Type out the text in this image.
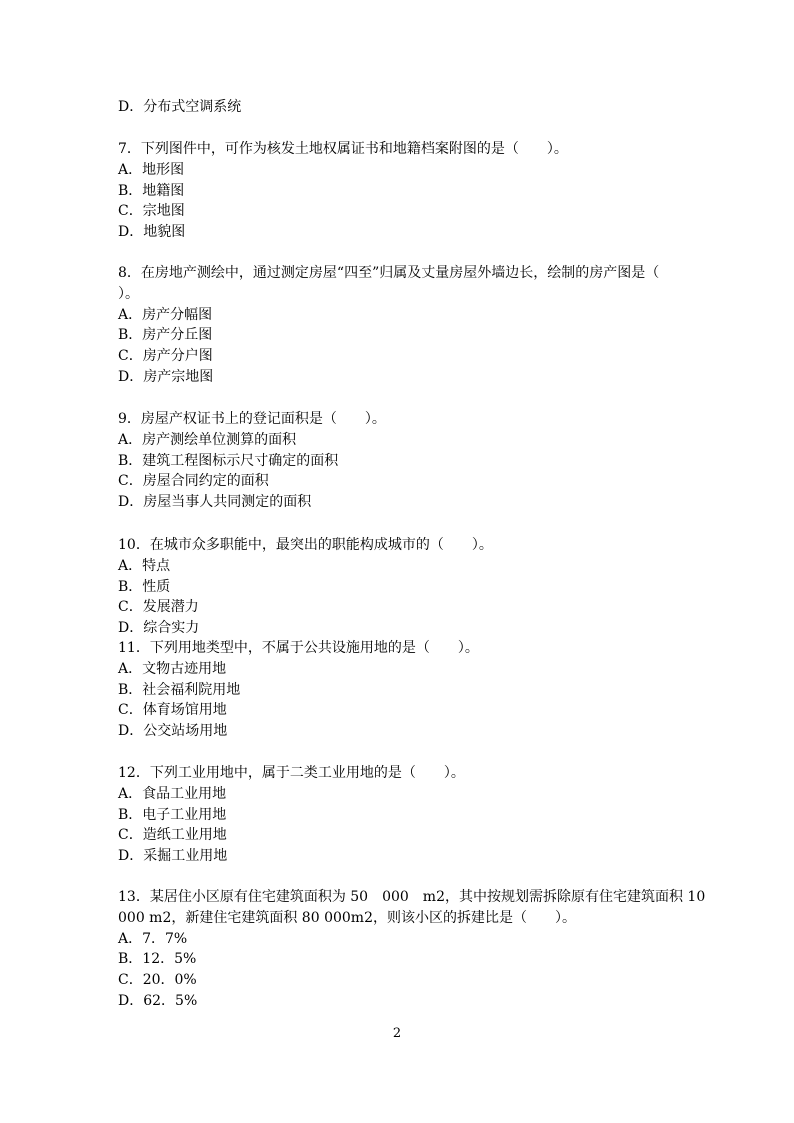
D．分布式空调系统
7．下列图件中，可作为核发土地权属证书和地籍档案附图的是（　　）。
A．地形图
B．地籍图
C．宗地图
D．地貌图
8．在房地产测绘中，通过测定房屋“四至”归属及丈量房屋外墙边长，绘制的房产图是（
）。
A．房产分幅图
B．房产分丘图
C．房产分户图
D．房产宗地图
9．房屋产权证书上的登记面积是（　　）。
A．房产测绘单位测算的面积
B．建筑工程图标示尺寸确定的面积
C．房屋合同约定的面积
D．房屋当事人共同测定的面积
10．在城市众多职能中，最突出的职能构成城市的（　　）。
A．特点
B．性质
C．发展潜力
D．综合实力
11．下列用地类型中，不属于公共设施用地的是（　　）。
A．文物古迹用地
B．社会福利院用地
C．体育场馆用地
D．公交站场用地
12．下列工业用地中，属于二类工业用地的是（　　）。
A．食品工业用地
B．电子工业用地
C．造纸工业用地
D．采掘工业用地
13．某居住小区原有住宅建筑面积为 50　000　m2，其中按规划需拆除原有住宅建筑面积 10
000 m2，新建住宅建筑面积 80 000m2，则该小区的拆建比是（　　）。
A．7．7%
B．12．5%
C．20．0%
D．62．5%
2
